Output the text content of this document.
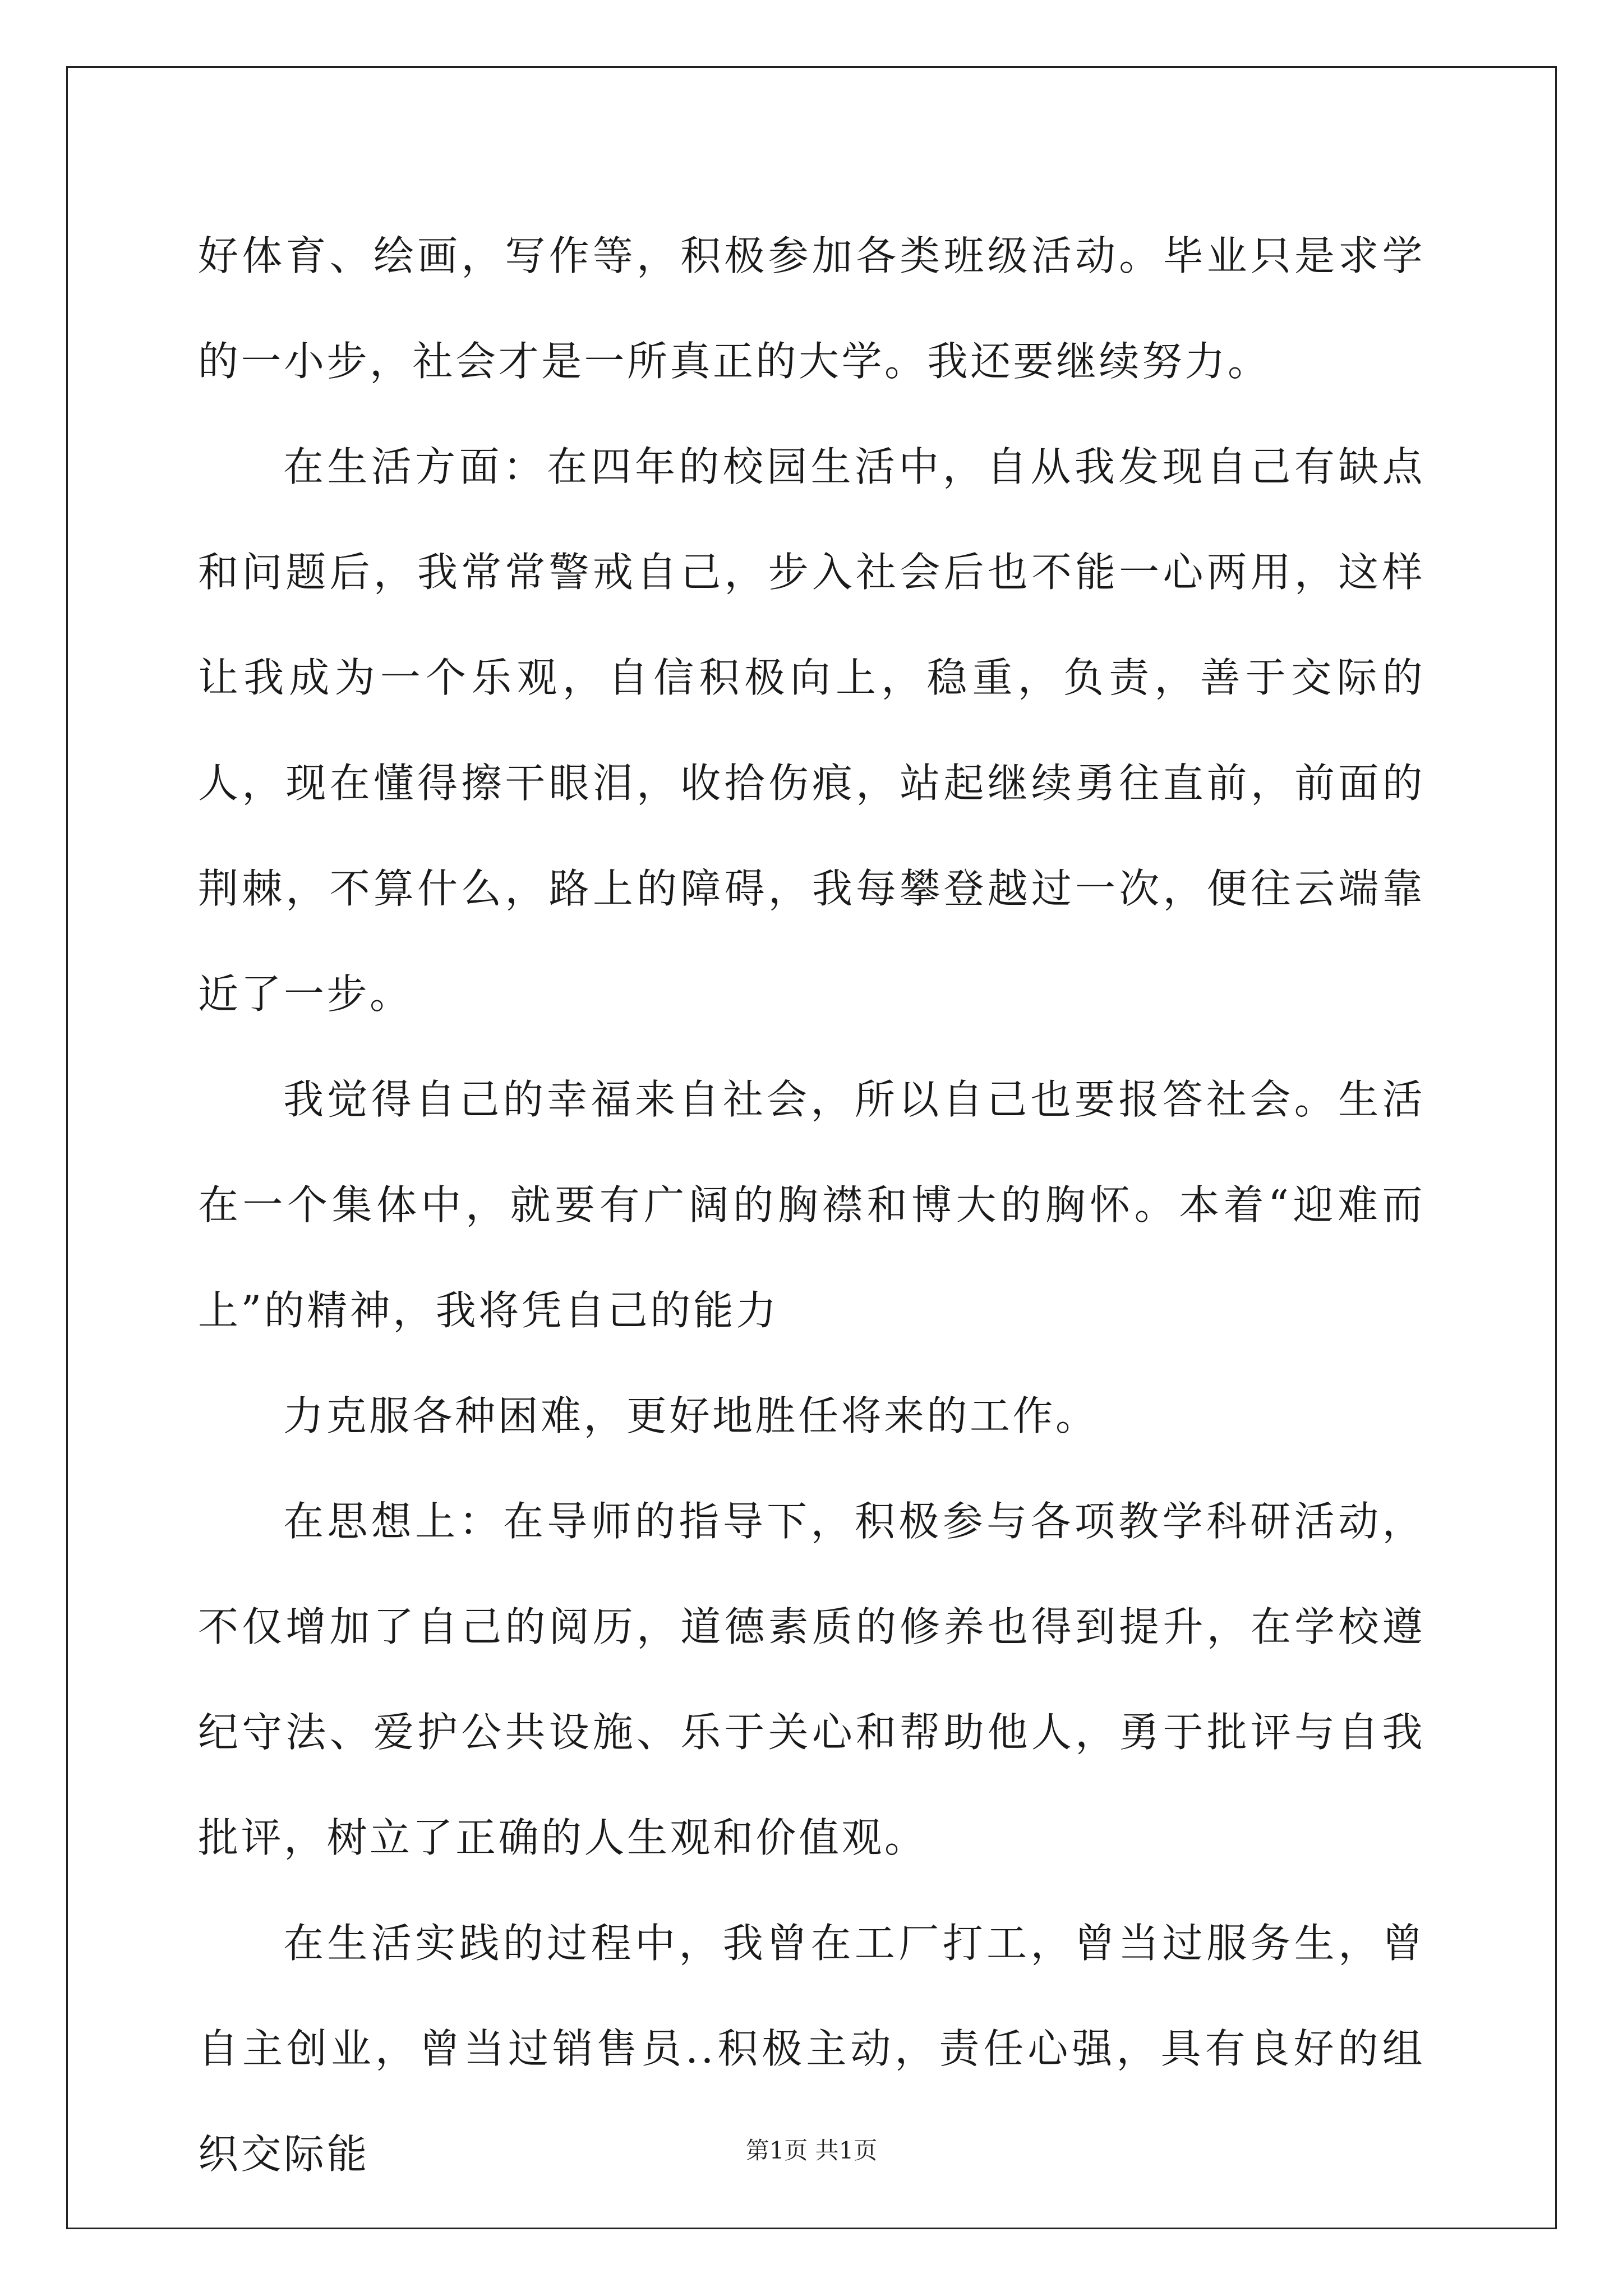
好体育、绘画，写作等，积极参加各类班级活动。毕业只是求学的一小步，社会才是一所真正的大学。我还要继续努力。

在生活方面：在四年的校园生活中，自从我发现自己有缺点和问题后，我常常警戒自己，步入社会后也不能一心两用，这样让我成为一个乐观，自信积极向上，稳重，负责，善于交际的人，现在懂得擦干眼泪，收拾伤痕，站起继续勇往直前，前面的荆棘，不算什么，路上的障碍，我每攀登越过一次，便往云端靠近了一步。

我觉得自己的幸福来自社会，所以自己也要报答社会。生活在一个集体中，就要有广阔的胸襟和博大的胸怀。本着“迎难而上”的精神，我将凭自己的能力

力克服各种困难，更好地胜任将来的工作。

在思想上：在导师的指导下，积极参与各项教学科研活动，不仅增加了自己的阅历，道德素质的修养也得到提升，在学校遵纪守法、爱护公共设施、乐于关心和帮助他人，勇于批评与自我批评，树立了正确的人生观和价值观。

在生活实践的过程中，我曾在工厂打工，曾当过服务生，曾自主创业，曾当过销售员..积极主动，责任心强，具有良好的组织交际能	第1页 共1页
